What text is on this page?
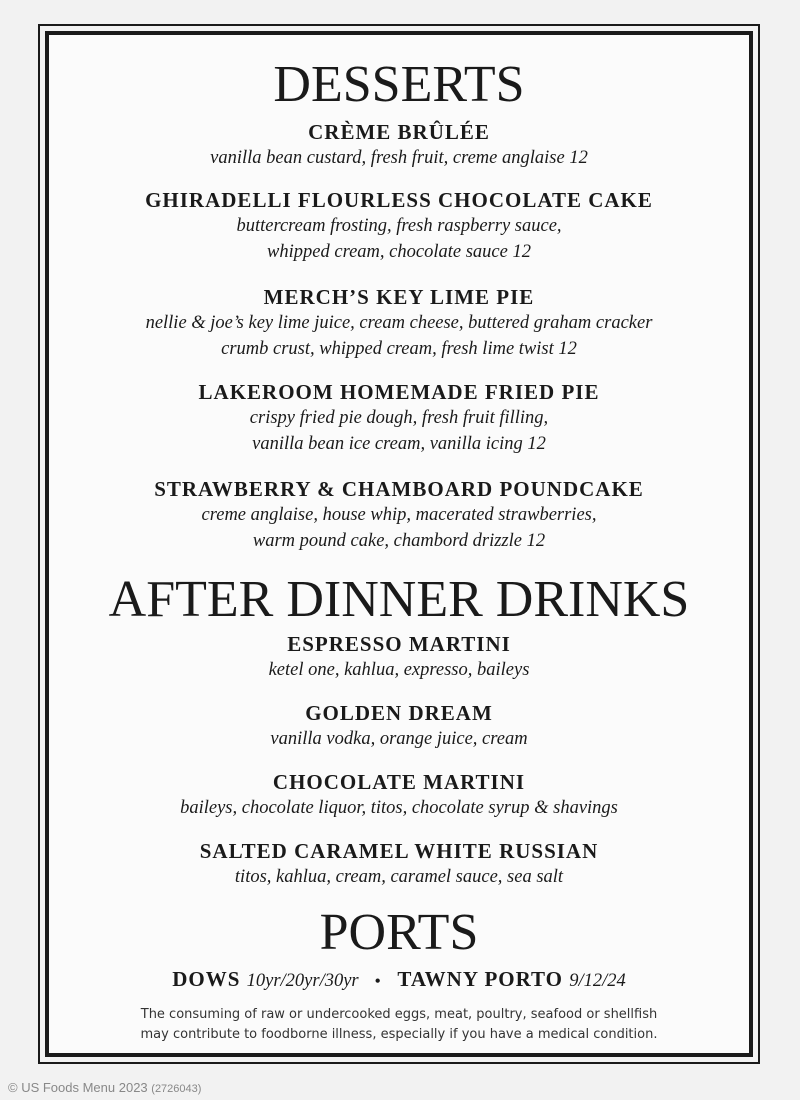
DESSERTS
CRÈME BRÛLÉE
vanilla bean custard, fresh fruit, creme anglaise 12
GHIRADELLI FLOURLESS CHOCOLATE CAKE
buttercream frosting, fresh raspberry sauce,
whipped cream, chocolate sauce 12
MERCH’S KEY LIME PIE
nellie & joe’s key lime juice, cream cheese, buttered graham cracker
crumb crust, whipped cream, fresh lime twist 12
LAKEROOM HOMEMADE FRIED PIE
crispy fried pie dough, fresh fruit filling,
vanilla bean ice cream, vanilla icing 12
STRAWBERRY & CHAMBOARD POUNDCAKE
creme anglaise, house whip, macerated strawberries,
warm pound cake, chambord drizzle 12
AFTER DINNER DRINKS
ESPRESSO MARTINI
ketel one, kahlua, expresso, baileys
GOLDEN DREAM
vanilla vodka, orange juice, cream
CHOCOLATE MARTINI
baileys, chocolate liquor, titos, chocolate syrup & shavings
SALTED CARAMEL WHITE RUSSIAN
titos, kahlua, cream, caramel sauce, sea salt
PORTS
DOWS 10yr/20yr/30yr • TAWNY PORTO 9/12/24
The consuming of raw or undercooked eggs, meat, poultry, seafood or shellfish
may contribute to foodborne illness, especially if you have a medical condition.
© US Foods Menu 2023 (2726043)
